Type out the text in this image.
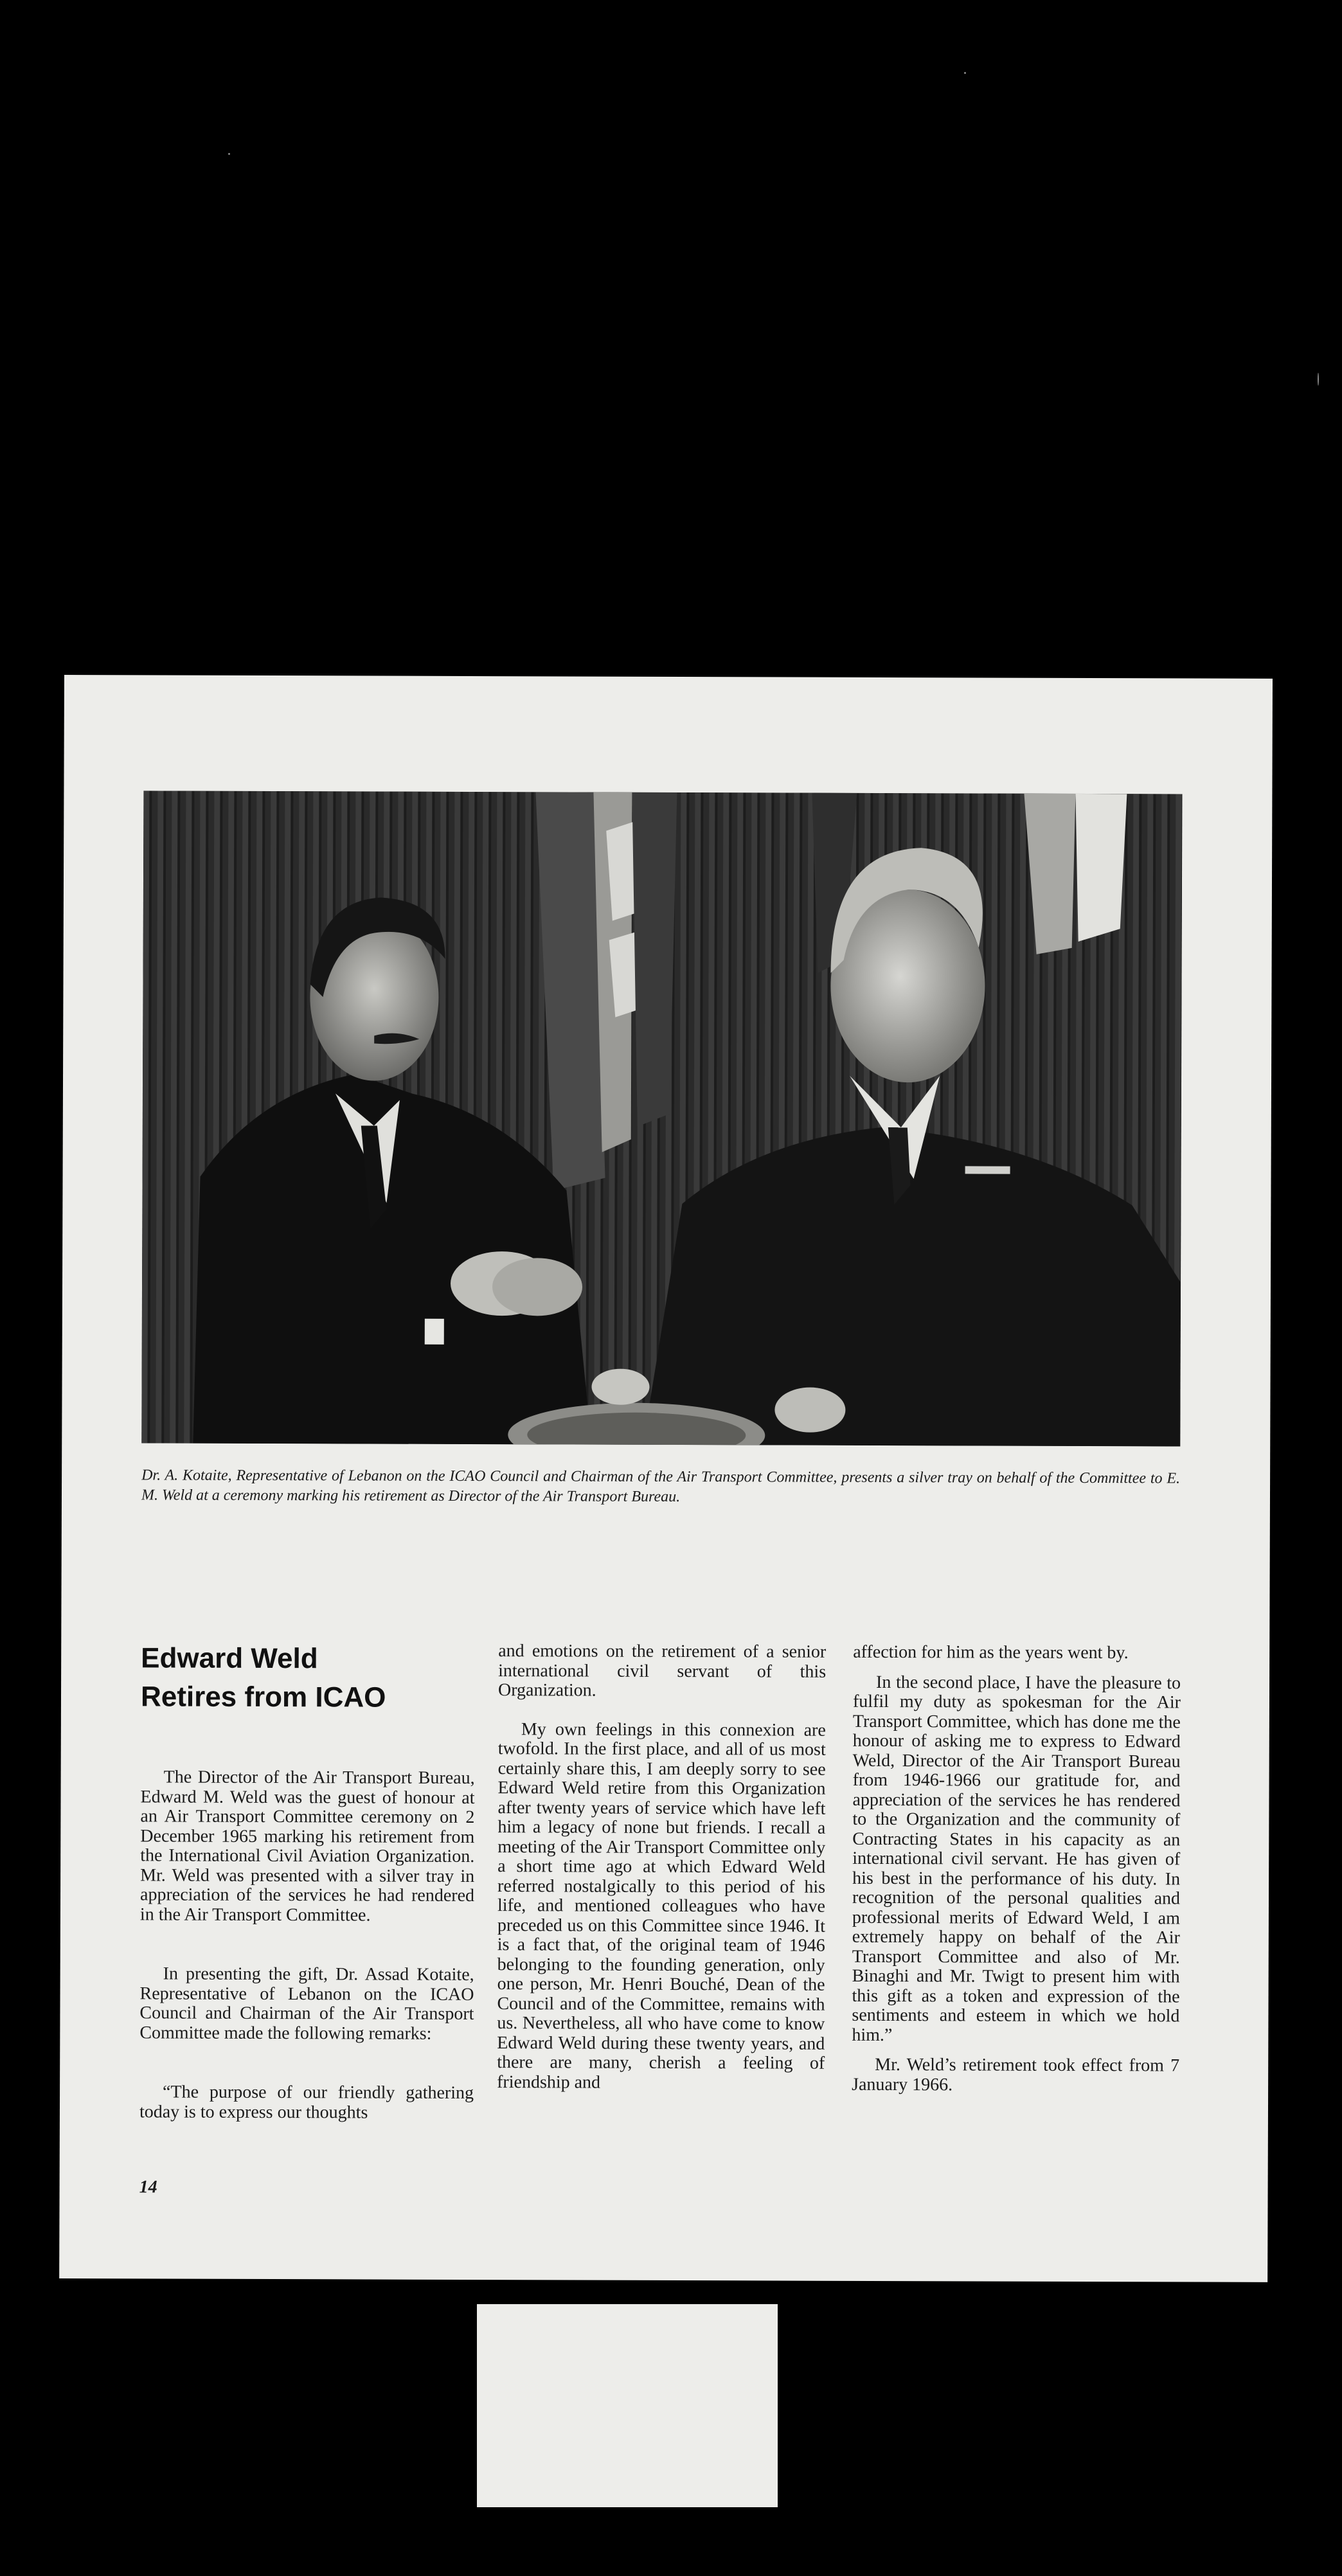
Dr. A. Kotaite, Representative of Lebanon on the ICAO Council and Chairman of the Air Transport Committee, presents a silver tray on behalf of the Committee to E. M. Weld at a ceremony marking his retirement as Director of the Air Transport Bureau.
Edward Weld
Retires from ICAO

The Director of the Air Transport Bureau, Edward M. Weld was the guest of honour at an Air Transport Committee ceremony on 2 December 1965 marking his retirement from the International Civil Aviation Organization. Mr. Weld was presented with a silver tray in appreciation of the services he had rendered in the Air Transport Committee.

In presenting the gift, Dr. Assad Kotaite, Representative of Lebanon on the ICAO Council and Chairman of the Air Transport Committee made the following remarks:

“The purpose of our friendly gathering today is to express our thoughts

and emotions on the retirement of a senior international civil servant of this Organization.

My own feelings in this connexion are twofold. In the first place, and all of us most certainly share this, I am deeply sorry to see Edward Weld retire from this Organization after twenty years of service which have left him a legacy of none but friends. I recall a meeting of the Air Transport Committee only a short time ago at which Edward Weld referred nostalgically to this period of his life, and mentioned colleagues who have preceded us on this Committee since 1946. It is a fact that, of the original team of 1946 belonging to the founding generation, only one person, Mr. Henri Bouché, Dean of the Council and of the Committee, remains with us. Nevertheless, all who have come to know Edward Weld during these twenty years, and there are many, cherish a feeling of friendship and

affection for him as the years went by.

In the second place, I have the pleasure to fulfil my duty as spokesman for the Air Transport Committee, which has done me the honour of asking me to express to Edward Weld, Director of the Air Transport Bureau from 1946-1966 our gratitude for, and appreciation of the services he has rendered to the Organization and the community of Contracting States in his capacity as an international civil servant. He has given of his best in the performance of his duty. In recognition of the personal qualities and professional merits of Edward Weld, I am extremely happy on behalf of the Air Transport Committee and also of Mr. Binaghi and Mr. Twigt to present him with this gift as a token and expression of the sentiments and esteem in which we hold him.”

Mr. Weld’s retirement took effect from 7 January 1966.

14
